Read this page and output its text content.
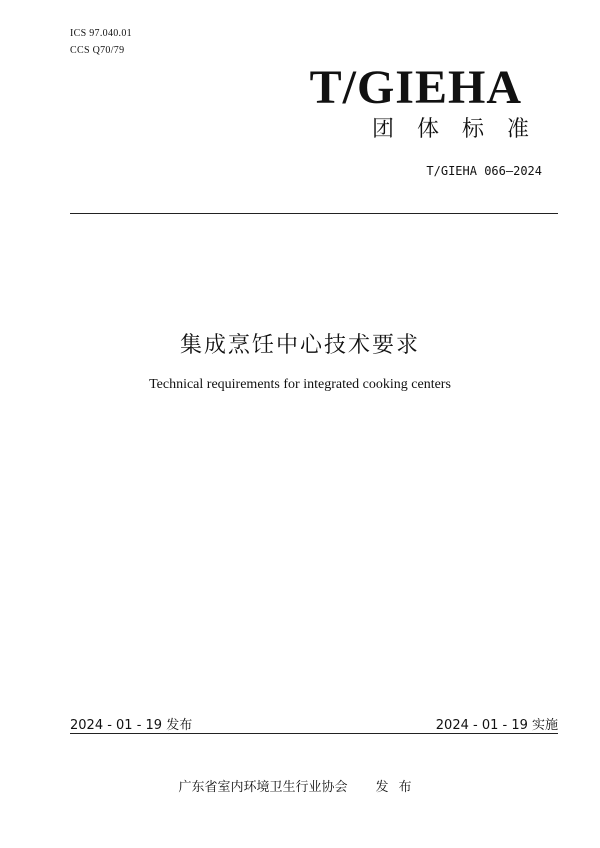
ICS 97.040.01
CCS Q70/79
T/GIEHA
团体标准
T/GIEHA 066—2024
集成烹饪中心技术要求
Technical requirements for integrated cooking centers
2024 - 01 - 19 发布	2024 - 01 - 19 实施
广东省室内环境卫生行业协会 发布
